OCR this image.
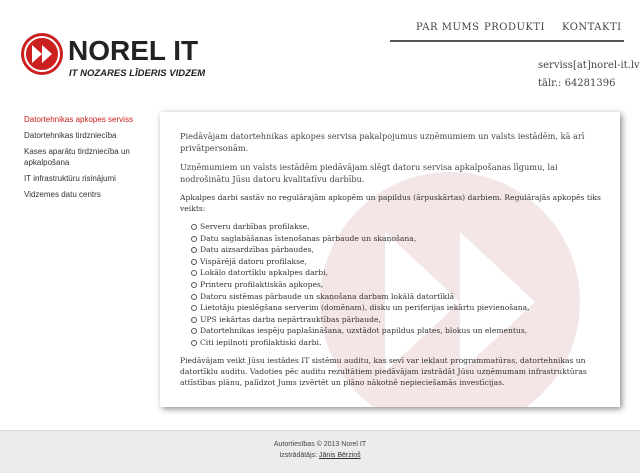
NOREL IT
IT NOZARES LĪDERIS VIDZEMĒ
PAR MUMS PRODUKTI KONTAKTI
serviss[at]norel-it.lv
tālr.: 64281396
Datortehnikas apkopes serviss
Datortehnikas tirdzniecība
Kases aparātu tirdzniecība un apkalpošana
IT infrastruktūru risinājumi
Vidzemes datu centrs

Piedāvājam datortehnikas apkopes servisa pakalpojumus uzņēmumiem un valsts iestādēm, kā arī privātpersonām.

Uzņēmumiem un valsts iestādēm piedāvājam slēgt datoru servisa apkalpošanas līgumu, lai nodrošinātu Jūsu datoru kvalitatīvu darbību.

Apkalpes darbi sastāv no regulārajām apkopēm un papildus (ārpuskārtas) darbiem. Regulārajās apkopēs tiks veikts:

Serveru darbības profilakse,
Datu saglabāšanas īstenošanas pārbaude un skaņošana,
Datu aizsardzības pārbaudes,
Vispārējā datoru profilakse,
Lokālo datortīklu apkalpes darbi,
Printeru profilaktiskās apkopes,
Datoru sistēmas pārbaude un skaņošana darbam lokālā datortīklā
Lietotāju pieslēgšana serverim (domēnam), disku un periferijas iekārtu pievienošana,
UPS iekārtas darba nepārtrauktības pārbaude,
Datortehnikas iespēju paplašināšana, uzstādot papildus plates, blokus un elementus,
Citi iepilnoti profilaktiski darbi.

Piedāvājam veikt Jūsu iestādes IT sistēmu auditu, kas sevī var iekļaut programmatūras, datortehnikas un datortīklu auditu. Vadoties pēc auditu rezultātiem piedāvājam izstrādāt Jūsu uzņēmumam infrastruktūras attīstības plānu, palīdzot Jums izvērtēt un plāno nākotnē nepieciešamās investīcijas.

Autortiesības © 2013 Norel IT
Izstrādātājs: Jānis Bērziņš
